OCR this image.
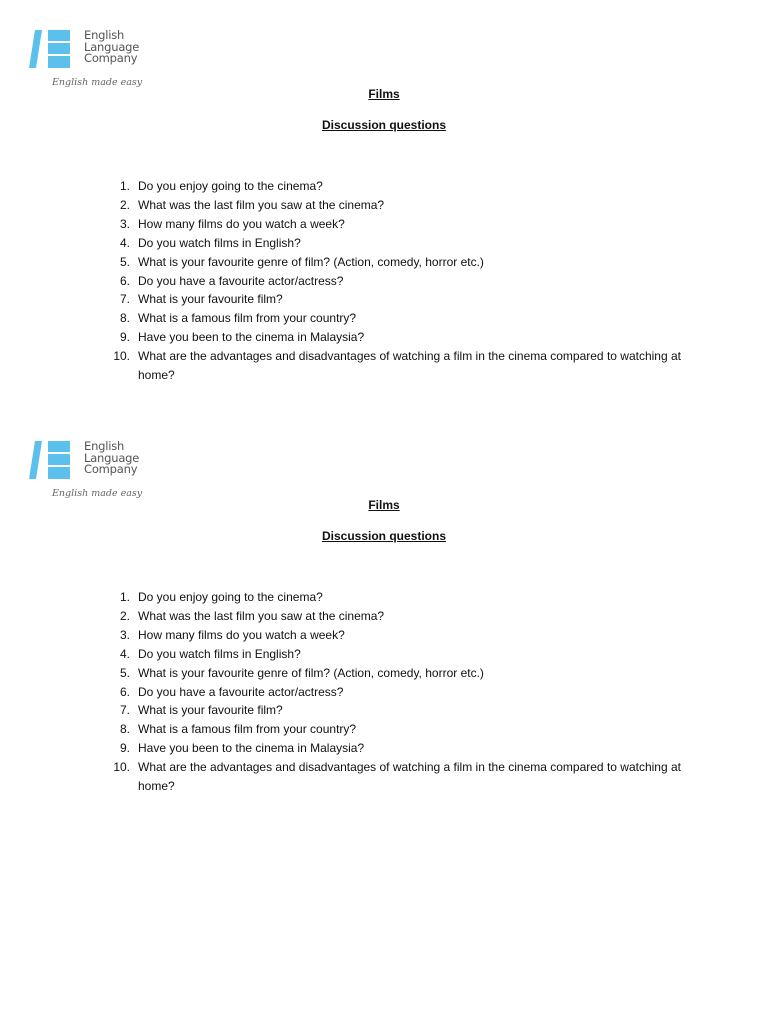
English
Language
Company
English made easy
Films
Discussion questions
1. Do you enjoy going to the cinema?
2. What was the last film you saw at the cinema?
3. How many films do you watch a week?
4. Do you watch films in English?
5. What is your favourite genre of film? (Action, comedy, horror etc.)
6. Do you have a favourite actor/actress?
7. What is your favourite film?
8. What is a famous film from your country?
9. Have you been to the cinema in Malaysia?
10. What are the advantages and disadvantages of watching a film in the cinema compared to watching at home?
English
Language
Company
English made easy
Films
Discussion questions
1. Do you enjoy going to the cinema?
2. What was the last film you saw at the cinema?
3. How many films do you watch a week?
4. Do you watch films in English?
5. What is your favourite genre of film? (Action, comedy, horror etc.)
6. Do you have a favourite actor/actress?
7. What is your favourite film?
8. What is a famous film from your country?
9. Have you been to the cinema in Malaysia?
10. What are the advantages and disadvantages of watching a film in the cinema compared to watching at home?
